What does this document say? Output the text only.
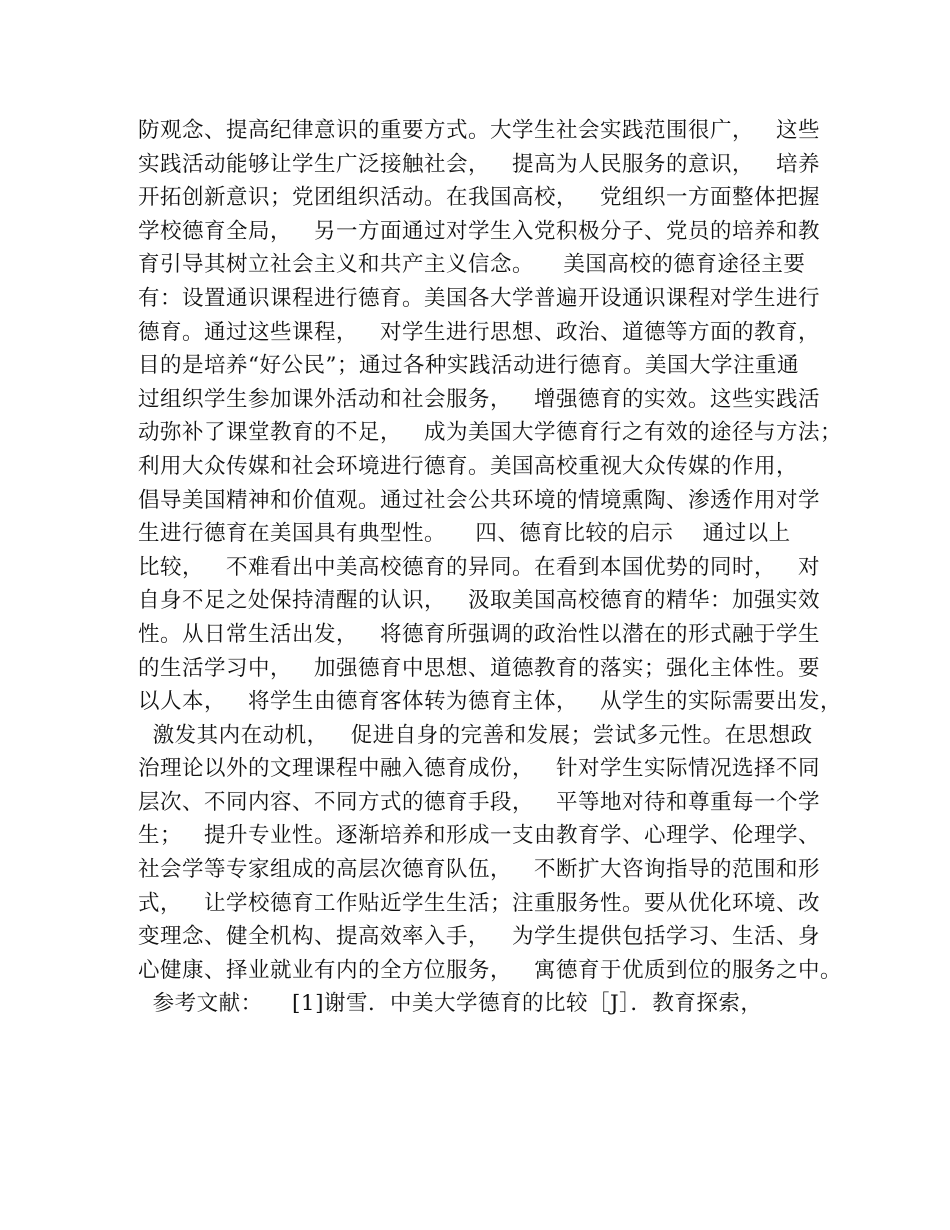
防观念、提高纪律意识的重要方式。大学生社会实践范围很广，   这些
实践活动能够让学生广泛接触社会，   提高为人民服务的意识，   培养
开拓创新意识；党团组织活动。在我国高校，   党组织一方面整体把握
学校德育全局，   另一方面通过对学生入党积极分子、党员的培养和教
育引导其树立社会主义和共产主义信念。    美国高校的德育途径主要
有：设置通识课程进行德育。美国各大学普遍开设通识课程对学生进行
德育。通过这些课程，   对学生进行思想、政治、道德等方面的教育，
目的是培养“好公民”；通过各种实践活动进行德育。美国大学注重通
过组织学生参加课外活动和社会服务，   增强德育的实效。这些实践活
动弥补了课堂教育的不足，   成为美国大学德育行之有效的途径与方法；
利用大众传媒和社会环境进行德育。美国高校重视大众传媒的作用，
倡导美国精神和价值观。通过社会公共环境的情境熏陶、渗透作用对学
生进行德育在美国具有典型性。    四、德育比较的启示    通过以上
比较，   不难看出中美高校德育的异同。在看到本国优势的同时，   对
自身不足之处保持清醒的认识，   汲取美国高校德育的精华：加强实效
性。从日常生活出发，   将德育所强调的政治性以潜在的形式融于学生
的生活学习中，   加强德育中思想、道德教育的落实；强化主体性。要
以人本，   将学生由德育客体转为德育主体，   从学生的实际需要出发，
激发其内在动机，   促进自身的完善和发展；尝试多元性。在思想政
治理论以外的文理课程中融入德育成份，   针对学生实际情况选择不同
层次、不同内容、不同方式的德育手段，   平等地对待和尊重每一个学
生；   提升专业性。逐渐培养和形成一支由教育学、心理学、伦理学、
社会学等专家组成的高层次德育队伍，   不断扩大咨询指导的范围和形
式，   让学校德育工作贴近学生生活；注重服务性。要从优化环境、改
变理念、健全机构、提高效率入手，   为学生提供包括学习、生活、身
心健康、择业就业有内的全方位服务，   寓德育于优质到位的服务之中。
参考文献：    [1]谢雪．中美大学德育的比较［J］．教育探索，
